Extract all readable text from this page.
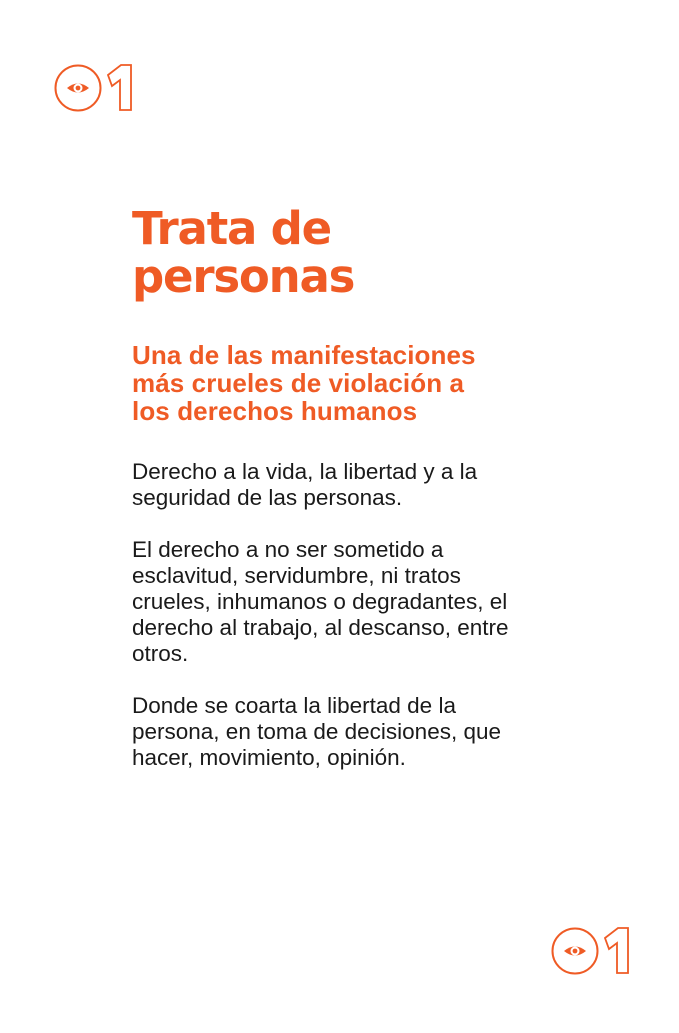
Trata de
personas
Una de las manifestaciones
más crueles de violación a
los derechos humanos

Derecho a la vida, la libertad y a la
seguridad de las personas.

El derecho a no ser sometido a
esclavitud, servidumbre, ni tratos
crueles, inhumanos o degradantes, el
derecho al trabajo, al descanso, entre
otros.

Donde se coarta la libertad de la
persona, en toma de decisiones, que
hacer, movimiento, opinión.
